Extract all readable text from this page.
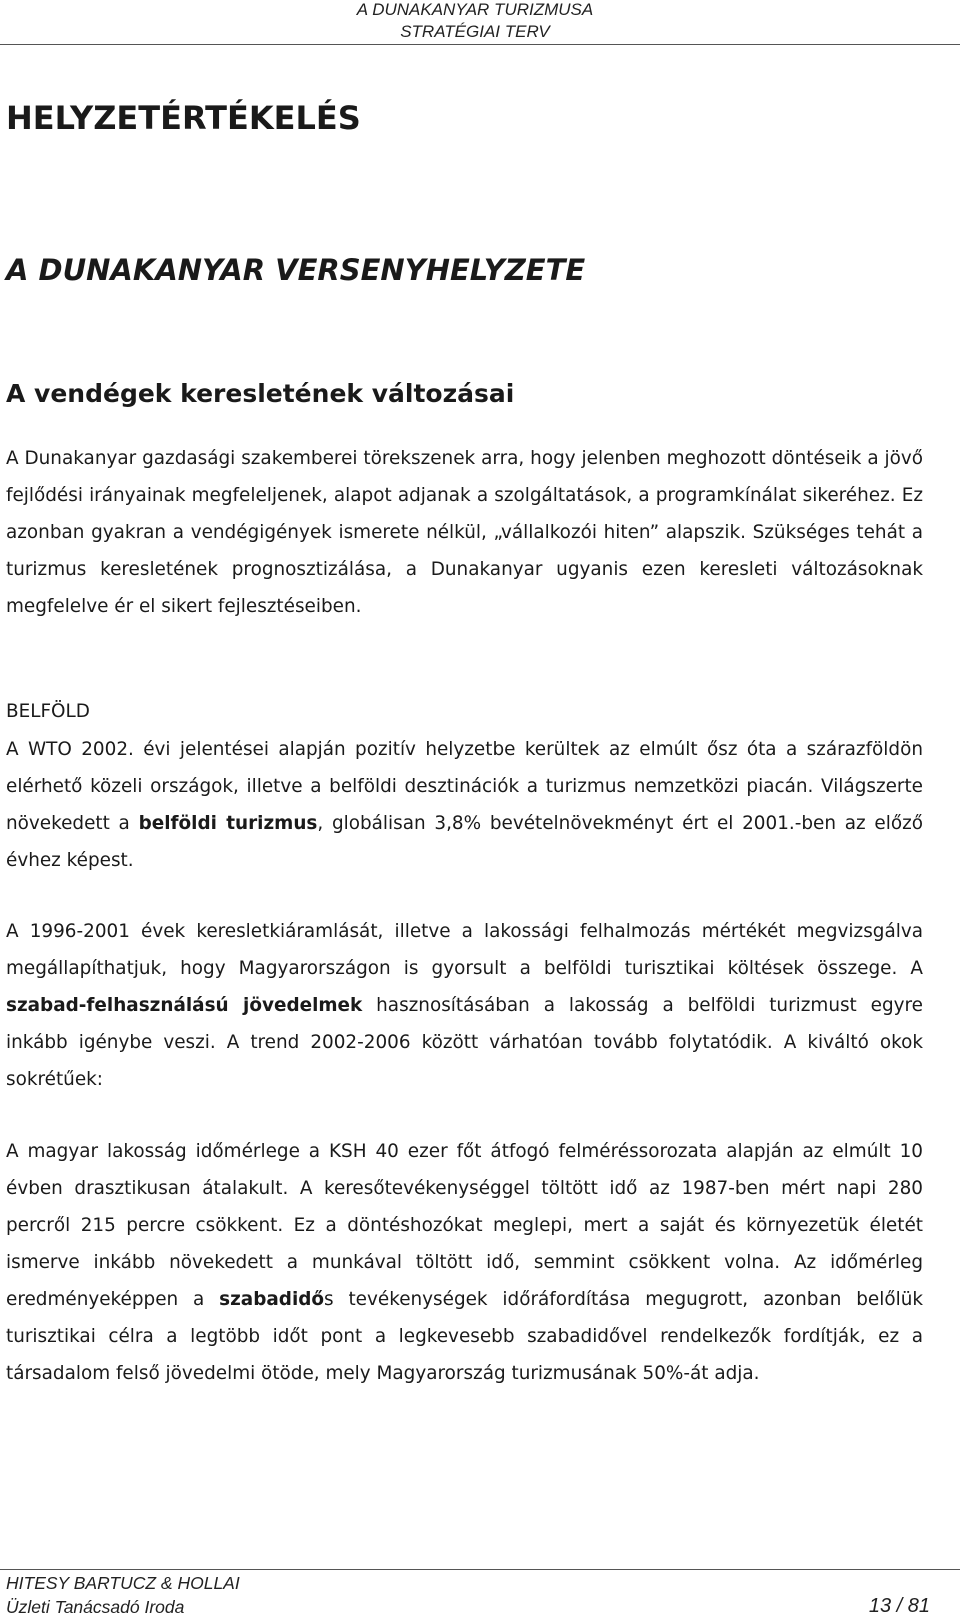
A DUNAKANYAR TURIZMUSA
STRATÉGIAI TERV
HELYZETÉRTÉKELÉS
A DUNAKANYAR VERSENYHELYZETE
A vendégek keresletének változásai

A Dunakanyar gazdasági szakemberei törekszenek arra, hogy jelenben meghozott döntéseik a jövő fejlődési irányainak megfeleljenek, alapot adjanak a szolgáltatások, a programkínálat sikeréhez. Ez azonban gyakran a vendégigények ismerete nélkül, „vállalkozói hiten” alapszik. Szükséges tehát a turizmus keresletének prognosztizálása, a Dunakanyar ugyanis ezen keresleti változásoknak megfelelve ér el sikert fejlesztéseiben.

BELFÖLD

A WTO 2002. évi jelentései alapján pozitív helyzetbe kerültek az elmúlt ősz óta a szárazföldön elérhető közeli országok, illetve a belföldi desztinációk a turizmus nemzetközi piacán. Világszerte növekedett a belföldi turizmus, globálisan 3,8% bevételnövekményt ért el 2001.-ben az előző évhez képest.

A 1996-2001 évek keresletkiáramlását, illetve a lakossági felhalmozás mértékét megvizsgálva megállapíthatjuk, hogy Magyarországon is gyorsult a belföldi turisztikai költések összege. A szabad-felhasználású jövedelmek hasznosításában a lakosság a belföldi turizmust egyre inkább igénybe veszi. A trend 2002-2006 között várhatóan tovább folytatódik. A kiváltó okok sokrétűek:

A magyar lakosság időmérlege a KSH 40 ezer főt átfogó felméréssorozata alapján az elmúlt 10 évben drasztikusan átalakult. A keresőtevékenységgel töltött idő az 1987-ben mért napi 280 percről 215 percre csökkent. Ez a döntéshozókat meglepi, mert a saját és környezetük életét ismerve inkább növekedett a munkával töltött idő, semmint csökkent volna. Az időmérleg eredményeképpen a szabadidős tevékenységek időráfordítása megugrott, azonban belőlük turisztikai célra a legtöbb időt pont a legkevesebb szabadidővel rendelkezők fordítják, ez a társadalom felső jövedelmi ötöde, mely Magyarország turizmusának 50%-át adja.

HITESY BARTUCZ & HOLLAI
Üzleti Tanácsadó Iroda	13 / 81
